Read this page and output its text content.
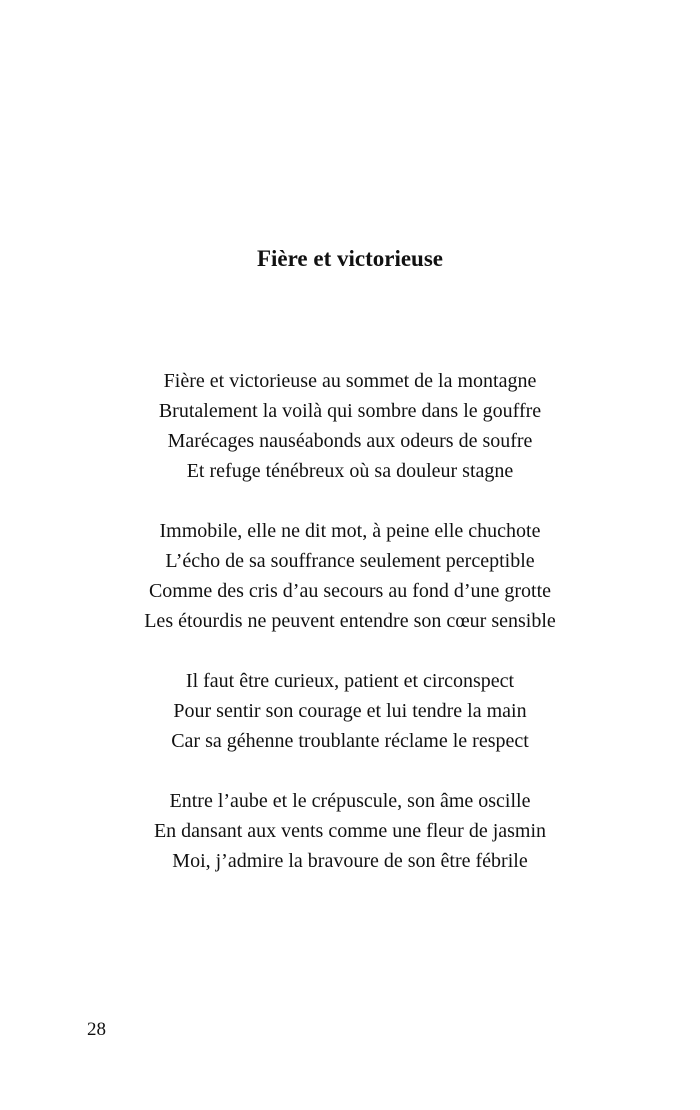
Fière et victorieuse

Fière et victorieuse au sommet de la montagne
Brutalement la voilà qui sombre dans le gouffre
Marécages nauséabonds aux odeurs de soufre
Et refuge ténébreux où sa douleur stagne

Immobile, elle ne dit mot, à peine elle chuchote
L’écho de sa souffrance seulement perceptible
Comme des cris d’au secours au fond d’une grotte
Les étourdis ne peuvent entendre son cœur sensible

Il faut être curieux, patient et circonspect
Pour sentir son courage et lui tendre la main
Car sa géhenne troublante réclame le respect

Entre l’aube et le crépuscule, son âme oscille
En dansant aux vents comme une fleur de jasmin
Moi, j’admire la bravoure de son être fébrile

28
